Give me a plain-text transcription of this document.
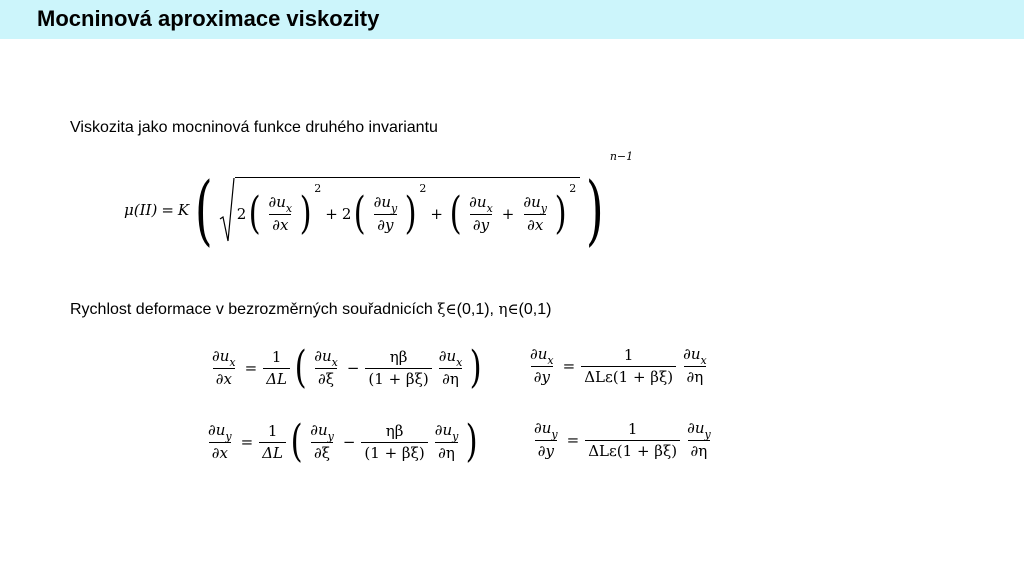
Mocninová aproximace viskozity
Viskozita jako mocninová funkce druhého invariantu
Rychlost deformace v bezrozměrných souřadnicích ξ∈(0,1), η∈(0,1)
μ (II) = K ( 2 ( $\frac{\partial u_x}{\partial x}$ ) 2
+ 2 ( $\frac{\partial u_y}{\partial y}$ ) 2
+ ( $\frac{\partial u_x}{\partial y} + \frac{\partial u_y}{\partial x}$ ) 2 )
n−1
$\frac{\partial u_x}{\partial x} = \frac{1}{\Delta L}$ ( $\frac{\partial u_x}{\partial\xi} - \frac{\eta\beta}{(1 + \beta\xi)} \frac{\partial u_x}{\partial\eta}$ )	$\frac{\partial u_x}{\partial y} = \frac{1}{\text{ΔLε(1 + βξ)}} \frac{\partial u_x}{\partial\eta}$
$\frac{\partial u_y}{\partial x} = \frac{1}{\Delta L}$ ( $\frac{\partial u_y}{\partial\xi} - \frac{\eta\beta}{(1 + \beta\xi)} \frac{\partial u_y}{\partial\eta}$ )	$\frac{\partial u_y}{\partial y} = \frac{1}{\text{ΔLε(1 + βξ)}} \frac{\partial u_y}{\partial\eta}$
